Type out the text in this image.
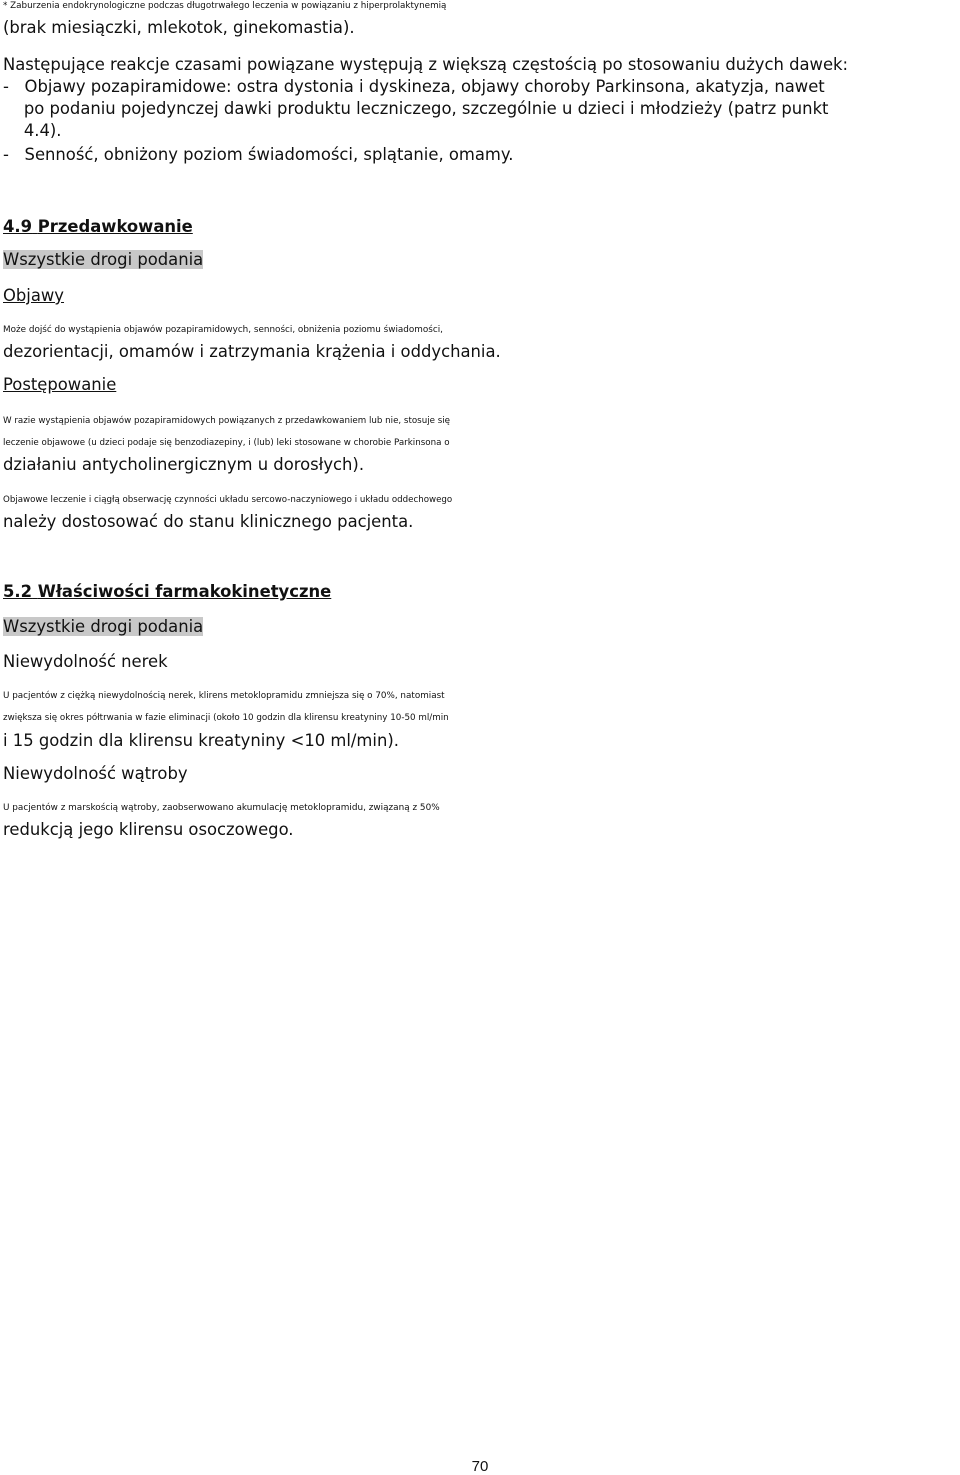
* Zaburzenia endokrynologiczne podczas długotrwałego leczenia w powiązaniu z hiperprolaktynemią
(brak miesiączki, mlekotok, ginekomastia).
Następujące reakcje czasami powiązane występują z większą częstością po stosowaniu dużych dawek:
-   Objawy pozapiramidowe: ostra dystonia i dyskineza, objawy choroby Parkinsona, akatyzja, nawet
po podaniu pojedynczej dawki produktu leczniczego, szczególnie u dzieci i młodzieży (patrz punkt
4.4).
-   Senność, obniżony poziom świadomości, splątanie, omamy.
4.9 Przedawkowanie
Wszystkie drogi podania
Objawy
Może dojść do wystąpienia objawów pozapiramidowych, senności, obniżenia poziomu świadomości,
dezorientacji, omamów i zatrzymania krążenia i oddychania.
Postępowanie
W razie wystąpienia objawów pozapiramidowych powiązanych z przedawkowaniem lub nie, stosuje się
leczenie objawowe (u dzieci podaje się benzodiazepiny, i (lub) leki stosowane w chorobie Parkinsona o
działaniu antycholinergicznym u dorosłych).
Objawowe leczenie i ciągłą obserwację czynności układu sercowo-naczyniowego i układu oddechowego
należy dostosować do stanu klinicznego pacjenta.
5.2 Właściwości farmakokinetyczne
Wszystkie drogi podania
Niewydolność nerek
U pacjentów z ciężką niewydolnością nerek, klirens metoklopramidu zmniejsza się o 70%, natomiast
zwiększa się okres półtrwania w fazie eliminacji (około 10 godzin dla klirensu kreatyniny 10-50 ml/min
i 15 godzin dla klirensu kreatyniny <10 ml/min).
Niewydolność wątroby
U pacjentów z marskością wątroby, zaobserwowano akumulację metoklopramidu, związaną z 50%
redukcją jego klirensu osoczowego.
70
